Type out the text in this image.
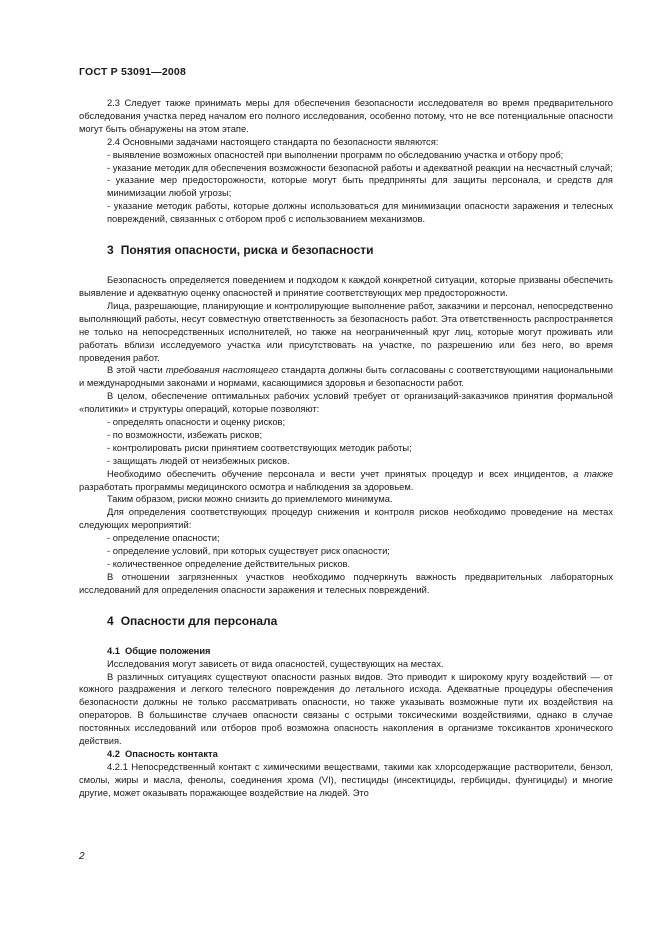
ГОСТ Р 53091—2008

2.3 Следует также принимать меры для обеспечения безопасности исследователя во время предварительного обследования участка перед началом его полного исследования, особенно потому, что не все потенциальные опасности могут быть обнаружены на этом этапе.

2.4 Основными задачами настоящего стандарта по безопасности являются:

- выявление возможных опасностей при выполнении программ по обследованию участка и отбору проб;

- указание методик для обеспечения возможности безопасной работы и адекватной реакции на несчастный случай;

- указание мер предосторожности, которые могут быть предприняты для защиты персонала, и средств для минимизации любой угрозы;

- указание методик работы, которые должны использоваться для минимизации опасности заражения и телесных повреждений, связанных с отбором проб с использованием механизмов.

3 Понятия опасности, риска и безопасности

Безопасность определяется поведением и подходом к каждой конкретной ситуации, которые призваны обеспечить выявление и адекватную оценку опасностей и принятие соответствующих мер предосторожности.

Лица, разрешающие, планирующие и контролирующие выполнение работ, заказчики и персонал, непосредственно выполняющий работы, несут совместную ответственность за безопасность работ. Эта ответственность распространяется не только на непосредственных исполнителей, но также на неограниченный круг лиц, которые могут проживать или работать вблизи исследуемого участка или присутствовать на участке, по разрешению или без него, во время проведения работ.

В этой части требования настоящего стандарта должны быть согласованы с соответствующими национальными и международными законами и нормами, касающимися здоровья и безопасности работ.

В целом, обеспечение оптимальных рабочих условий требует от организаций-заказчиков принятия формальной «политики» и структуры операций, которые позволяют:

- определять опасности и оценку рисков;

- по возможности, избежать рисков;

- контролировать риски принятием соответствующих методик работы;

- защищать людей от неизбежных рисков.

Необходимо обеспечить обучение персонала и вести учет принятых процедур и всех инцидентов, а также разработать программы медицинского осмотра и наблюдения за здоровьем.

Таким образом, риски можно снизить до приемлемого минимума.

Для определения соответствующих процедур снижения и контроля рисков необходимо проведение на местах следующих мероприятий:

- определение опасности;

- определение условий, при которых существует риск опасности;

- количественное определение действительных рисков.

В отношении загрязненных участков необходимо подчеркнуть важность предварительных лабораторных исследований для определения опасности заражения и телесных повреждений.

4 Опасности для персонала
4.1 Общие положения

Исследования могут зависеть от вида опасностей, существующих на местах.

В различных ситуациях существуют опасности разных видов. Это приводит к широкому кругу воздействий — от кожного раздражения и легкого телесного повреждения до летального исхода. Адекватные процедуры обеспечения безопасности должны не только рассматривать опасности, но также указывать возможные пути их воздействия на операторов. В большинстве случаев опасности связаны с острыми токсическими воздействиями, однако в случае постоянных исследований или отборов проб возможна опасность накопления в организме токсикантов хронического действия.

4.2 Опасность контакта

4.2.1 Непосредственный контакт с химическими веществами, такими как хлорсодержащие растворители, бензол, смолы, жиры и масла, фенолы, соединения хрома (VI), пестициды (инсектициды, гербициды, фунгициды) и многие другие, может оказывать поражающее воздействие на людей. Это

2
